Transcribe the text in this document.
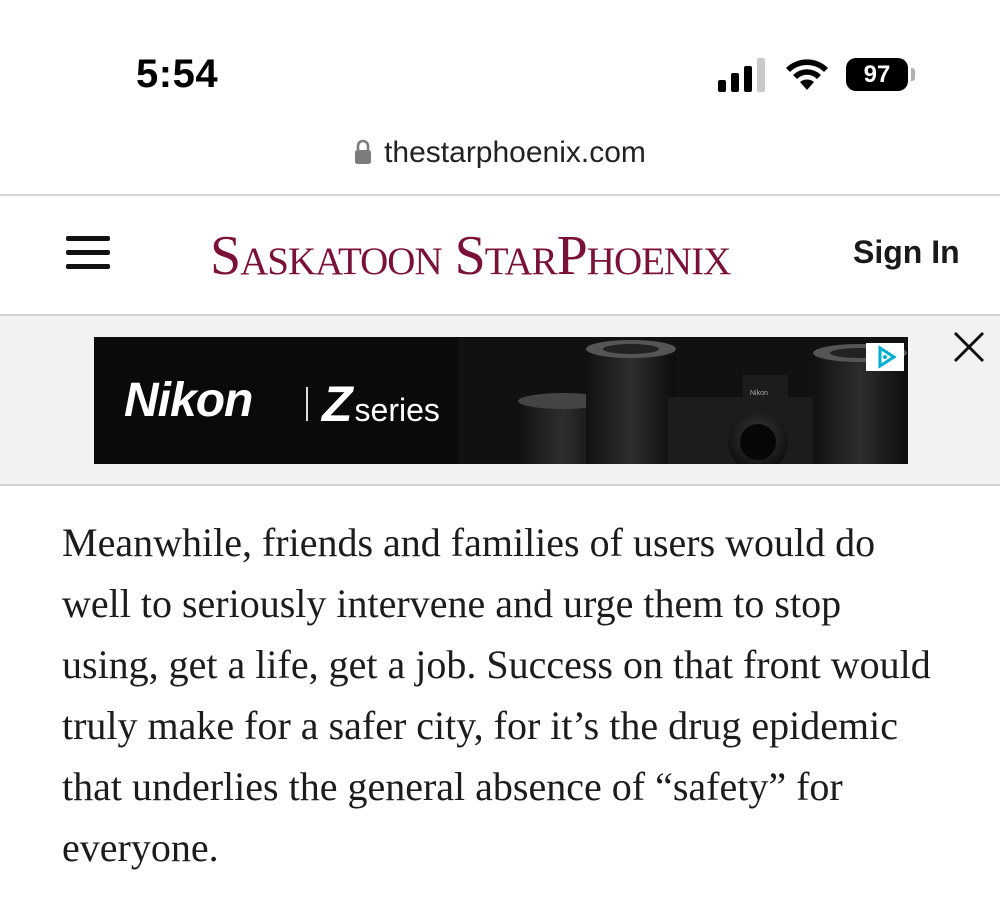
5:54	97
thestarphoenix.com
Saskatoon StarPhoenix	Sign In
Nikon Zseries	Nikon

Meanwhile, friends and families of users would do well to seriously intervene and urge them to stop using, get a life, get a job. Success on that front would truly make for a safer city, for it’s the drug epidemic that underlies the general absence of “safety” for everyone.
